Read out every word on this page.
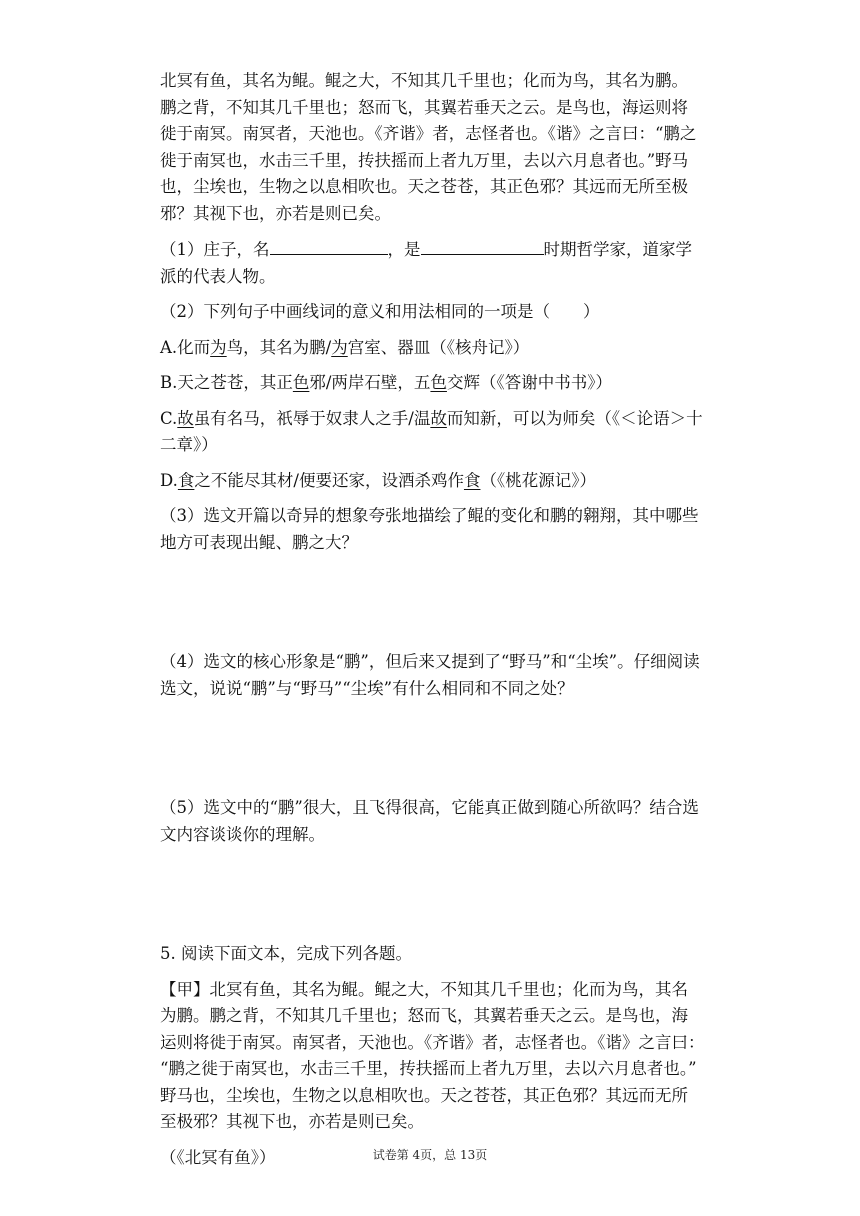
北冥有鱼，其名为鲲。鲲之大，不知其几千里也；化而为鸟，其名为鹏。
鹏之背，不知其几千里也；怒而飞，其翼若垂天之云。是鸟也，海运则将
徙于南冥。南冥者，天池也。《齐谐》者，志怪者也。《谐》之言曰：“鹏之
徙于南冥也，水击三千里，抟扶摇而上者九万里，去以六月息者也。”野马
也，尘埃也，生物之以息相吹也。天之苍苍，其正色邪？其远而无所至极
邪？其视下也，亦若是则已矣。
（1）庄子，名	，是	时期哲学家，道家学
派的代表人物。
（2）下列句子中画线词的意义和用法相同的一项是（　　）
A.化而为鸟，其名为鹏/为宫室、器皿（《核舟记》）
B.天之苍苍，其正色邪/两岸石壁，五色交辉（《答谢中书书》）
C.故虽有名马，祇辱于奴隶人之手/温故而知新，可以为师矣（《＜论语＞十
二章》）
D.食之不能尽其材/便要还家，设酒杀鸡作食（《桃花源记》）
（3）选文开篇以奇异的想象夸张地描绘了鲲的变化和鹏的翱翔，其中哪些
地方可表现出鲲、鹏之大？
（4）选文的核心形象是“鹏”，但后来又提到了“野马”和“尘埃”。仔细阅读
选文，说说“鹏”与“野马”“尘埃”有什么相同和不同之处？
（5）选文中的“鹏”很大，且飞得很高，它能真正做到随心所欲吗？结合选
文内容谈谈你的理解。
5. 阅读下面文本，完成下列各题。
【甲】北冥有鱼，其名为鲲。鲲之大，不知其几千里也；化而为鸟，其名
为鹏。鹏之背，不知其几千里也；怒而飞，其翼若垂天之云。是鸟也，海
运则将徙于南冥。南冥者，天池也。《齐谐》者，志怪者也。《谐》之言曰：
“鹏之徙于南冥也，水击三千里，抟扶摇而上者九万里，去以六月息者也。”
野马也，尘埃也，生物之以息相吹也。天之苍苍，其正色邪？其远而无所
至极邪？其视下也，亦若是则已矣。
（《北冥有鱼》）	试卷第 4页，总 13页
